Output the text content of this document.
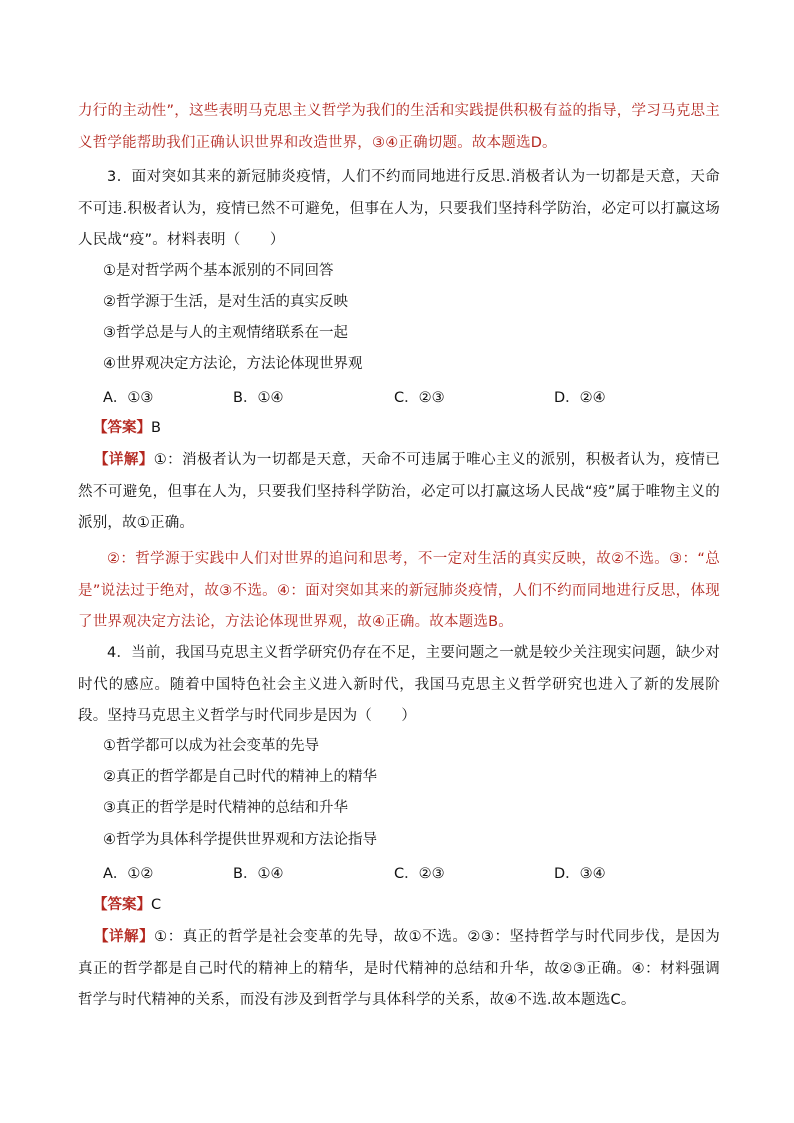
力行的主动性”，这些表明马克思主义哲学为我们的生活和实践提供积极有益的指导，学习马克思主义哲学能帮助我们正确认识世界和改造世界，③④正确切题。故本题选D。

3．面对突如其来的新冠肺炎疫情，人们不约而同地进行反思.消极者认为一切都是天意，天命不可违.积极者认为，疫情已然不可避免，但事在人为，只要我们坚持科学防治，必定可以打赢这场人民战“疫”。材料表明（　　）

①是对哲学两个基本派别的不同回答

②哲学源于生活，是对生活的真实反映

③哲学总是与人的主观情绪联系在一起

④世界观决定方法论，方法论体现世界观

A．①③	B．①④	C．②③	D．②④

【答案】B

【详解】①：消极者认为一切都是天意，天命不可违属于唯心主义的派别，积极者认为，疫情已然不可避免，但事在人为，只要我们坚持科学防治，必定可以打赢这场人民战“疫”属于唯物主义的派别，故①正确。

②：哲学源于实践中人们对世界的追问和思考，不一定对生活的真实反映，故②不选。③：“总是”说法过于绝对，故③不选。④：面对突如其来的新冠肺炎疫情，人们不约而同地进行反思，体现了世界观决定方法论，方法论体现世界观，故④正确。故本题选B。

4．当前，我国马克思主义哲学研究仍存在不足，主要问题之一就是较少关注现实问题，缺少对时代的感应。随着中国特色社会主义进入新时代，我国马克思主义哲学研究也进入了新的发展阶段。坚持马克思主义哲学与时代同步是因为（　　）

①哲学都可以成为社会变革的先导

②真正的哲学都是自己时代的精神上的精华

③真正的哲学是时代精神的总结和升华

④哲学为具体科学提供世界观和方法论指导

A．①②	B．①④	C．②③	D．③④

【答案】C

【详解】①：真正的哲学是社会变革的先导，故①不选。②③：坚持哲学与时代同步伐，是因为真正的哲学都是自己时代的精神上的精华，是时代精神的总结和升华，故②③正确。④：材料强调哲学与时代精神的关系，而没有涉及到哲学与具体科学的关系，故④不选.故本题选C。
